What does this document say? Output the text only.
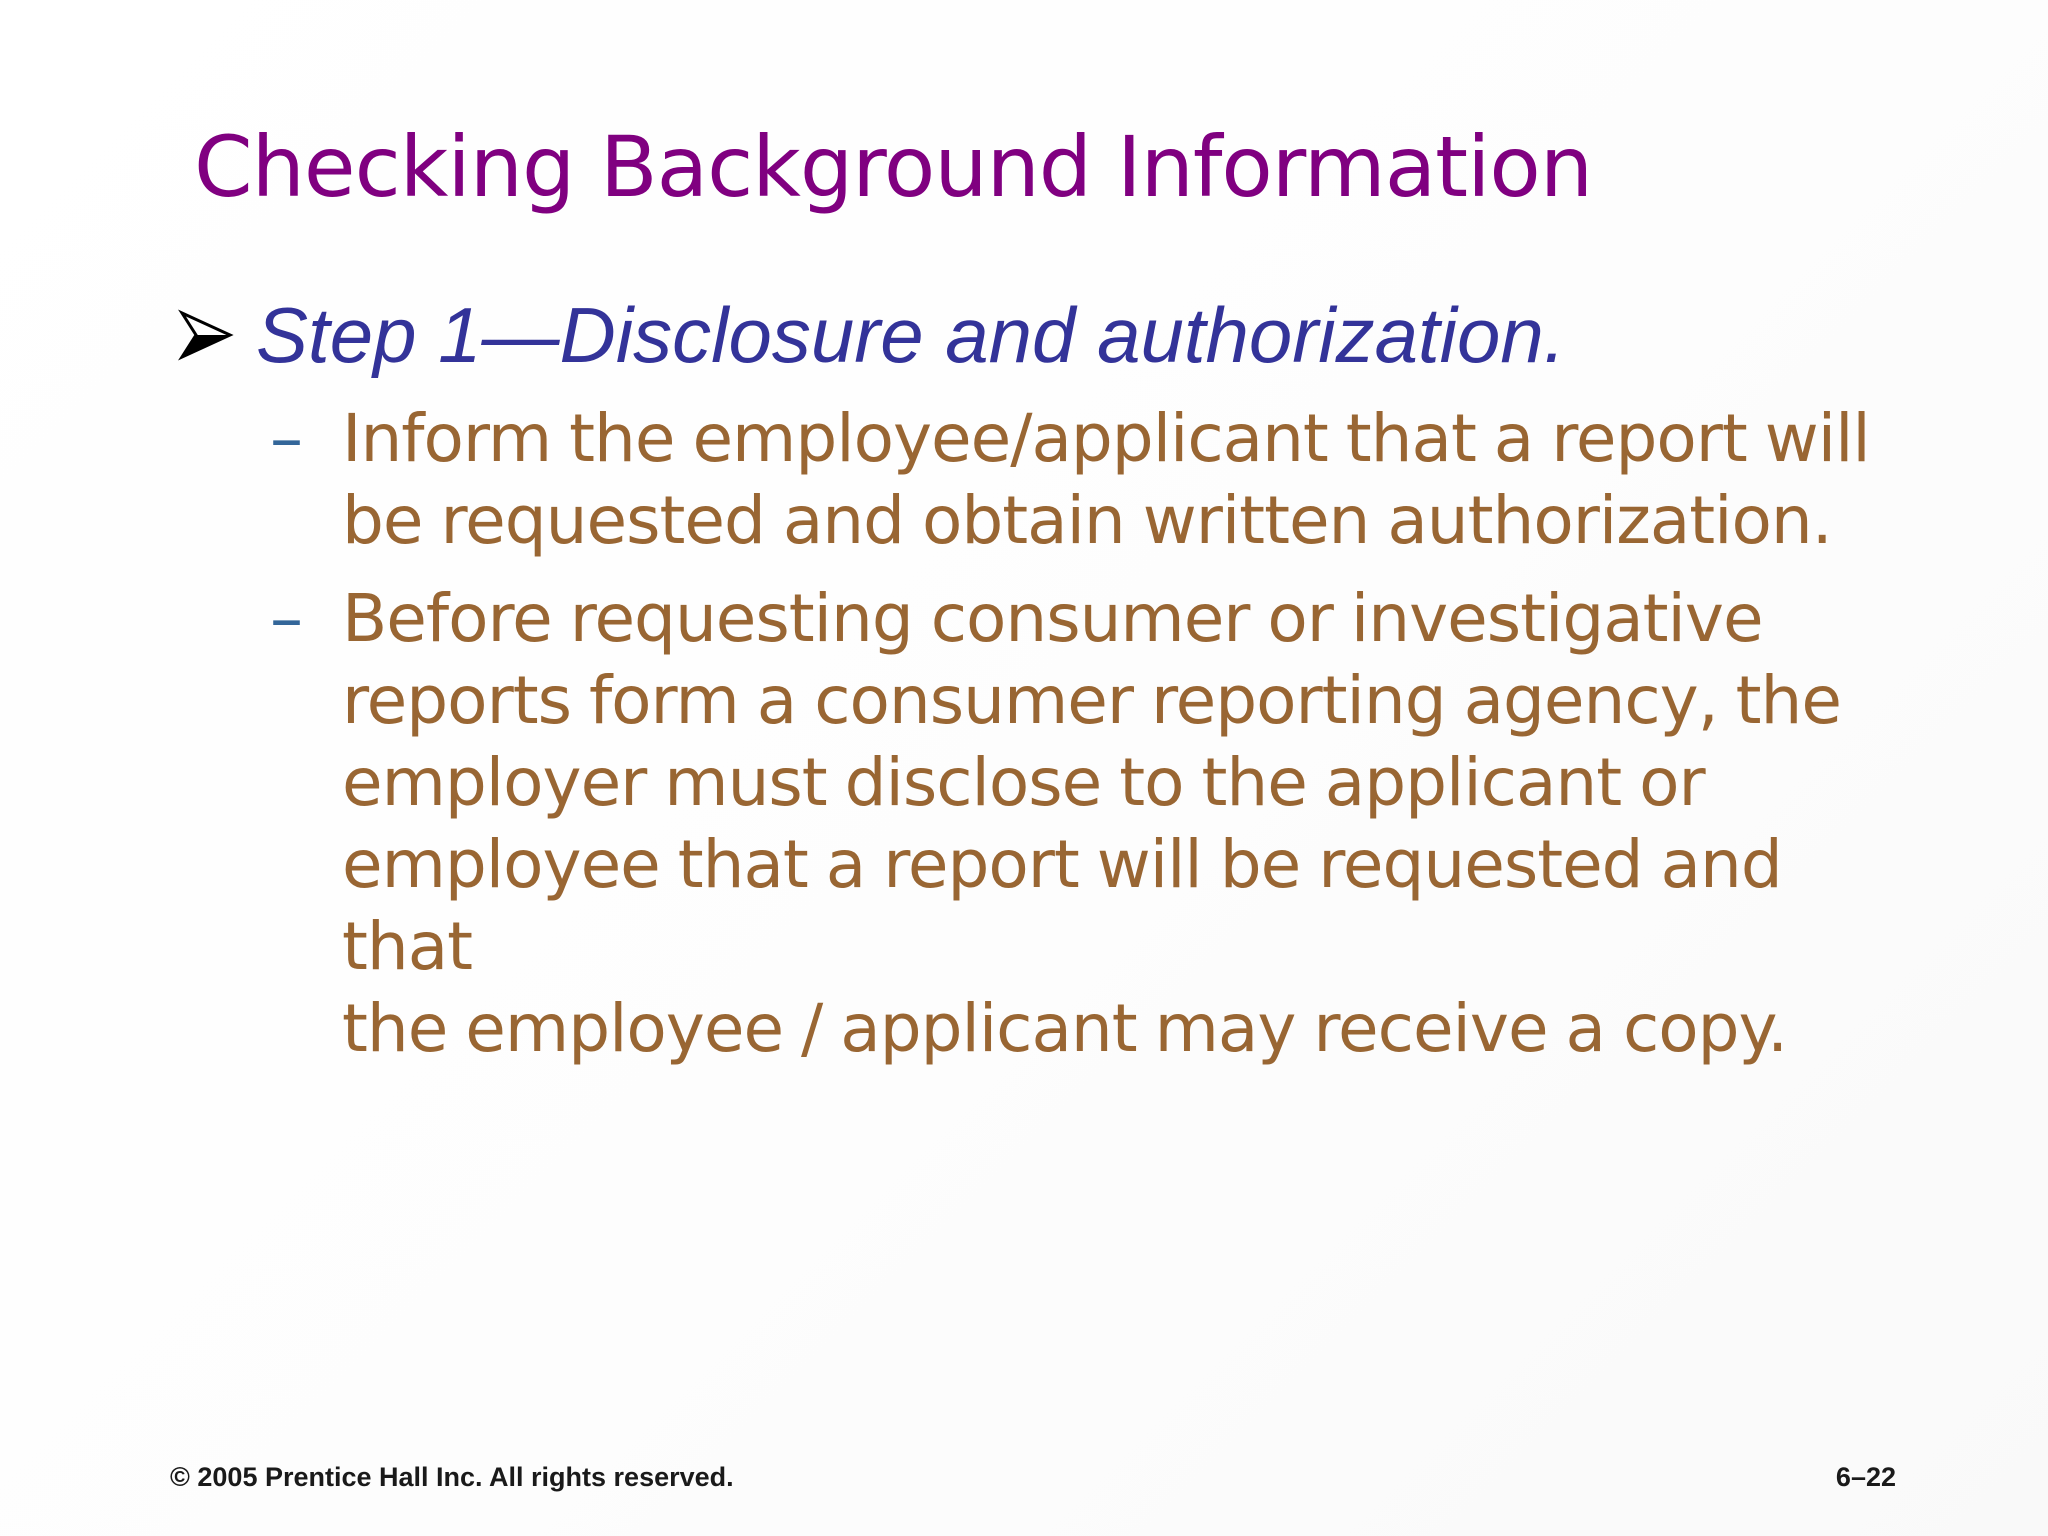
Checking Background Information
Step 1—Disclosure and authorization.
– Inform the employee/applicant that a report will
be requested and obtain written authorization.
– Before requesting consumer or investigative
reports form a consumer reporting agency, the
employer must disclose to the applicant or
employee that a report will be requested and that
the employee / applicant may receive a copy.
© 2005 Prentice Hall Inc. All rights reserved.	6–22
